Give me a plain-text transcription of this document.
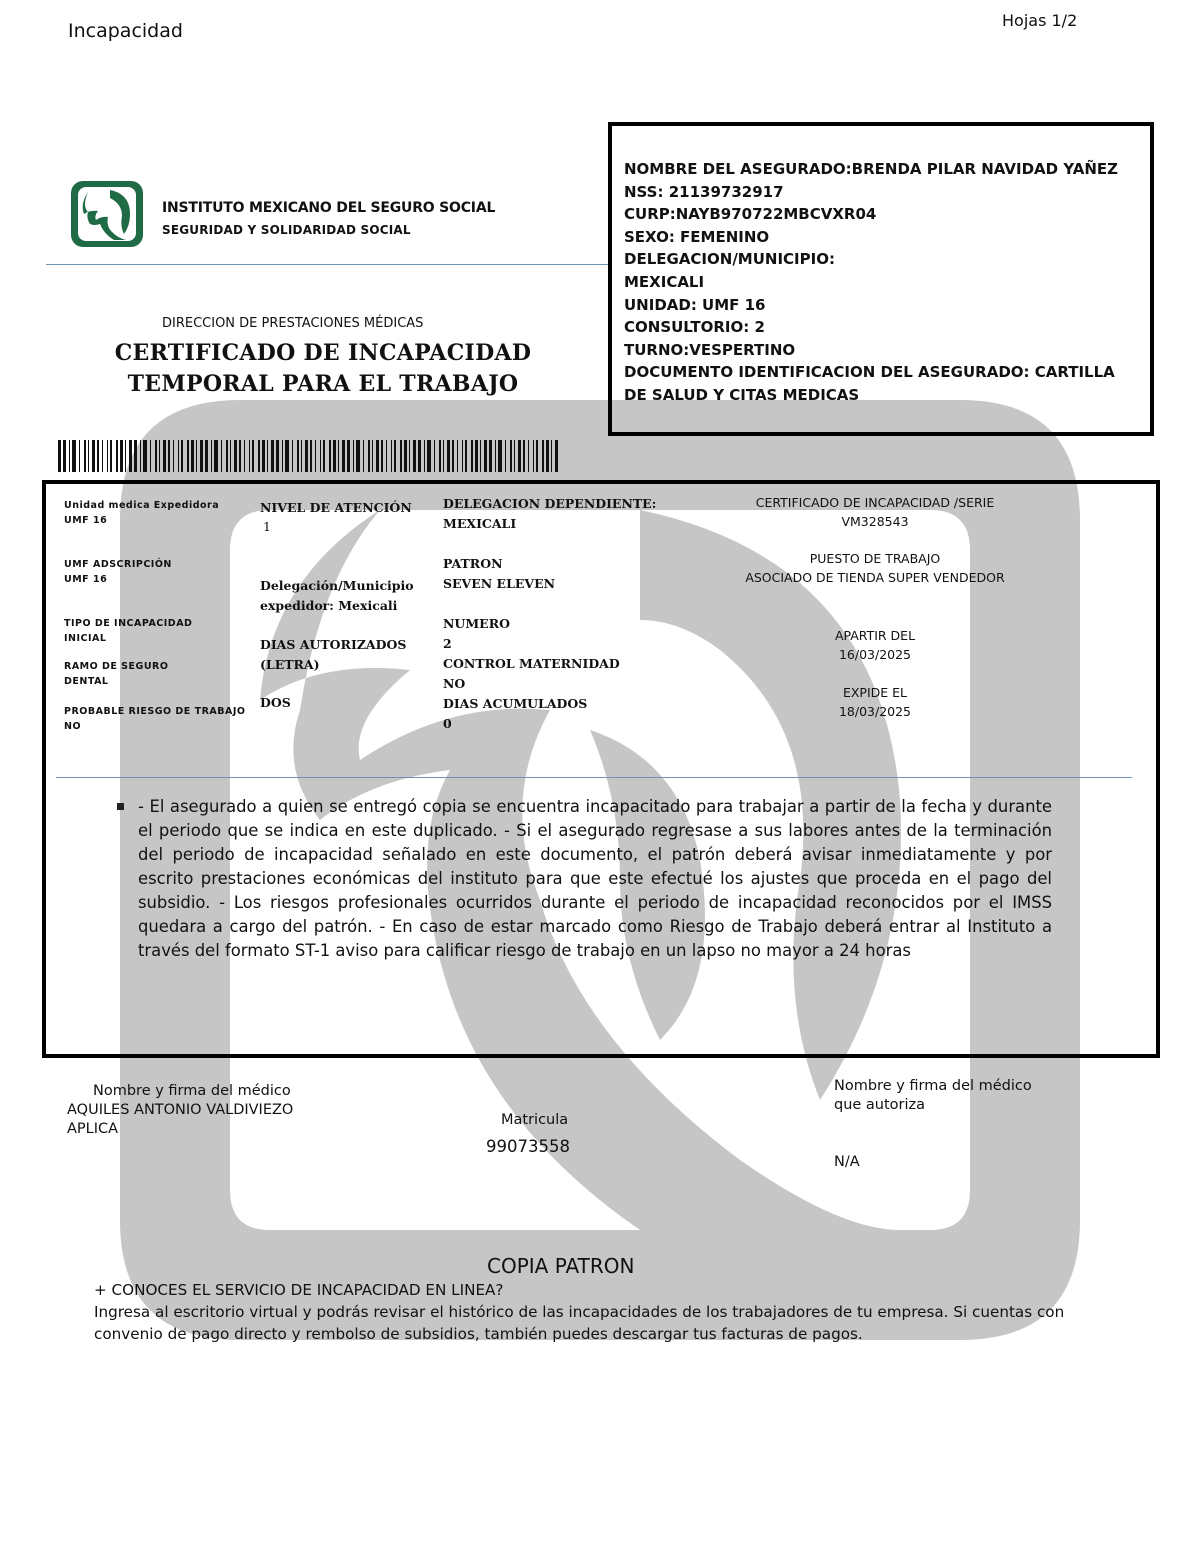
Incapacidad	Hojas 1/2
INSTITUTO MEXICANO DEL SEGURO SOCIAL
SEGURIDAD Y SOLIDARIDAD SOCIAL
DIRECCION DE PRESTACIONES MÉDICAS
CERTIFICADO DE INCAPACIDAD
TEMPORAL PARA EL TRABAJO
NOMBRE DEL ASEGURADO:BRENDA PILAR NAVIDAD YAÑEZ
NSS: 21139732917
CURP:NAYB970722MBCVXR04
SEXO: FEMENINO
DELEGACION/MUNICIPIO:
MEXICALI
UNIDAD: UMF 16
CONSULTORIO: 2
TURNO:VESPERTINO
DOCUMENTO IDENTIFICACION DEL ASEGURADO: CARTILLA
DE SALUD Y CITAS MEDICAS
Unidad medica Expedidora
UMF 16
UMF ADSCRIPCIÓN
UMF 16
TIPO DE INCAPACIDAD
INICIAL
RAMO DE SEGURO
DENTAL
PROBABLE RIESGO DE TRABAJO
NO
NIVEL DE ATENCIÓN
1
Delegación/Municipio
expedidor: Mexicali
DIAS AUTORIZADOS
(LETRA)
DOS
DELEGACION DEPENDIENTE:
MEXICALI
PATRON
SEVEN ELEVEN
NUMERO
2
CONTROL MATERNIDAD
NO
DIAS ACUMULADOS
0
CERTIFICADO DE INCAPACIDAD /SERIE
VM328543
PUESTO DE TRABAJO
ASOCIADO DE TIENDA SUPER VENDEDOR
APARTIR DEL
16/03/2025
EXPIDE EL
18/03/2025
- El asegurado a quien se entregó copia se encuentra incapacitado para trabajar a partir de la fecha y durante el periodo que se indica en este duplicado. - Si el asegurado regresase a sus labores antes de la terminación del periodo de incapacidad señalado en este documento, el patrón deberá avisar inmediatamente y por escrito prestaciones económicas del instituto para que este efectué los ajustes que proceda en el pago del subsidio. - Los riesgos profesionales ocurridos durante el periodo de incapacidad reconocidos por el IMSS quedara a cargo del patrón. - En caso de estar marcado como Riesgo de Trabajo deberá entrar al Instituto a través del formato ST-1 aviso para calificar riesgo de trabajo en un lapso no mayor a 24 horas
Nombre y firma del médico
AQUILES ANTONIO VALDIVIEZO
APLICA
Matricula
99073558
Nombre y firma del médico
que autoriza
N/A
COPIA PATRON
+ CONOCES EL SERVICIO DE INCAPACIDAD EN LINEA?
Ingresa al escritorio virtual y podrás revisar el histórico de las incapacidades de los trabajadores de tu empresa. Si cuentas con convenio de pago directo y rembolso de subsidios, también puedes descargar tus facturas de pagos.
